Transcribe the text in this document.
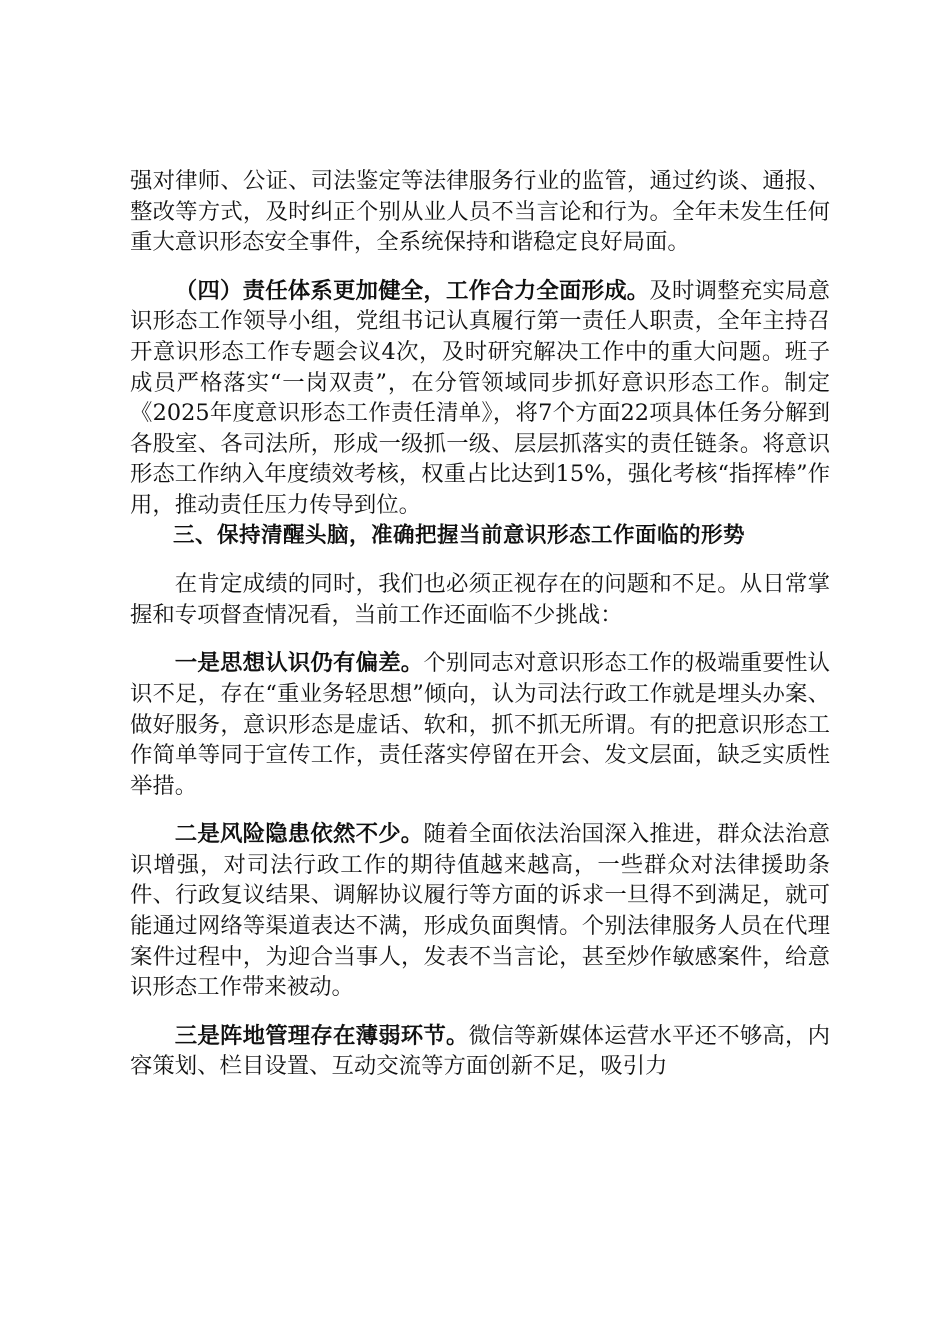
强对律师、公证、司法鉴定等法律服务行业的监管，通过约谈、通报、整改等方式，及时纠正个别从业人员不当言论和行为。全年未发生任何重大意识形态安全事件，全系统保持和谐稳定良好局面。

（四）责任体系更加健全，工作合力全面形成。及时调整充实局意识形态工作领导小组，党组书记认真履行第一责任人职责，全年主持召开意识形态工作专题会议4次，及时研究解决工作中的重大问题。班子成员严格落实“一岗双责”，在分管领域同步抓好意识形态工作。制定《2025年度意识形态工作责任清单》，将7个方面22项具体任务分解到各股室、各司法所，形成一级抓一级、层层抓落实的责任链条。将意识形态工作纳入年度绩效考核，权重占比达到15%，强化考核“指挥棒”作用，推动责任压力传导到位。

三、保持清醒头脑，准确把握当前意识形态工作面临的形势

在肯定成绩的同时，我们也必须正视存在的问题和不足。从日常掌握和专项督查情况看，当前工作还面临不少挑战：

一是思想认识仍有偏差。个别同志对意识形态工作的极端重要性认识不足，存在“重业务轻思想”倾向，认为司法行政工作就是埋头办案、做好服务，意识形态是虚话、软和，抓不抓无所谓。有的把意识形态工作简单等同于宣传工作，责任落实停留在开会、发文层面，缺乏实质性举措。

二是风险隐患依然不少。随着全面依法治国深入推进，群众法治意识增强，对司法行政工作的期待值越来越高，一些群众对法律援助条件、行政复议结果、调解协议履行等方面的诉求一旦得不到满足，就可能通过网络等渠道表达不满，形成负面舆情。个别法律服务人员在代理案件过程中，为迎合当事人，发表不当言论，甚至炒作敏感案件，给意识形态工作带来被动。

三是阵地管理存在薄弱环节。微信等新媒体运营水平还不够高，内容策划、栏目设置、互动交流等方面创新不足，吸引力
